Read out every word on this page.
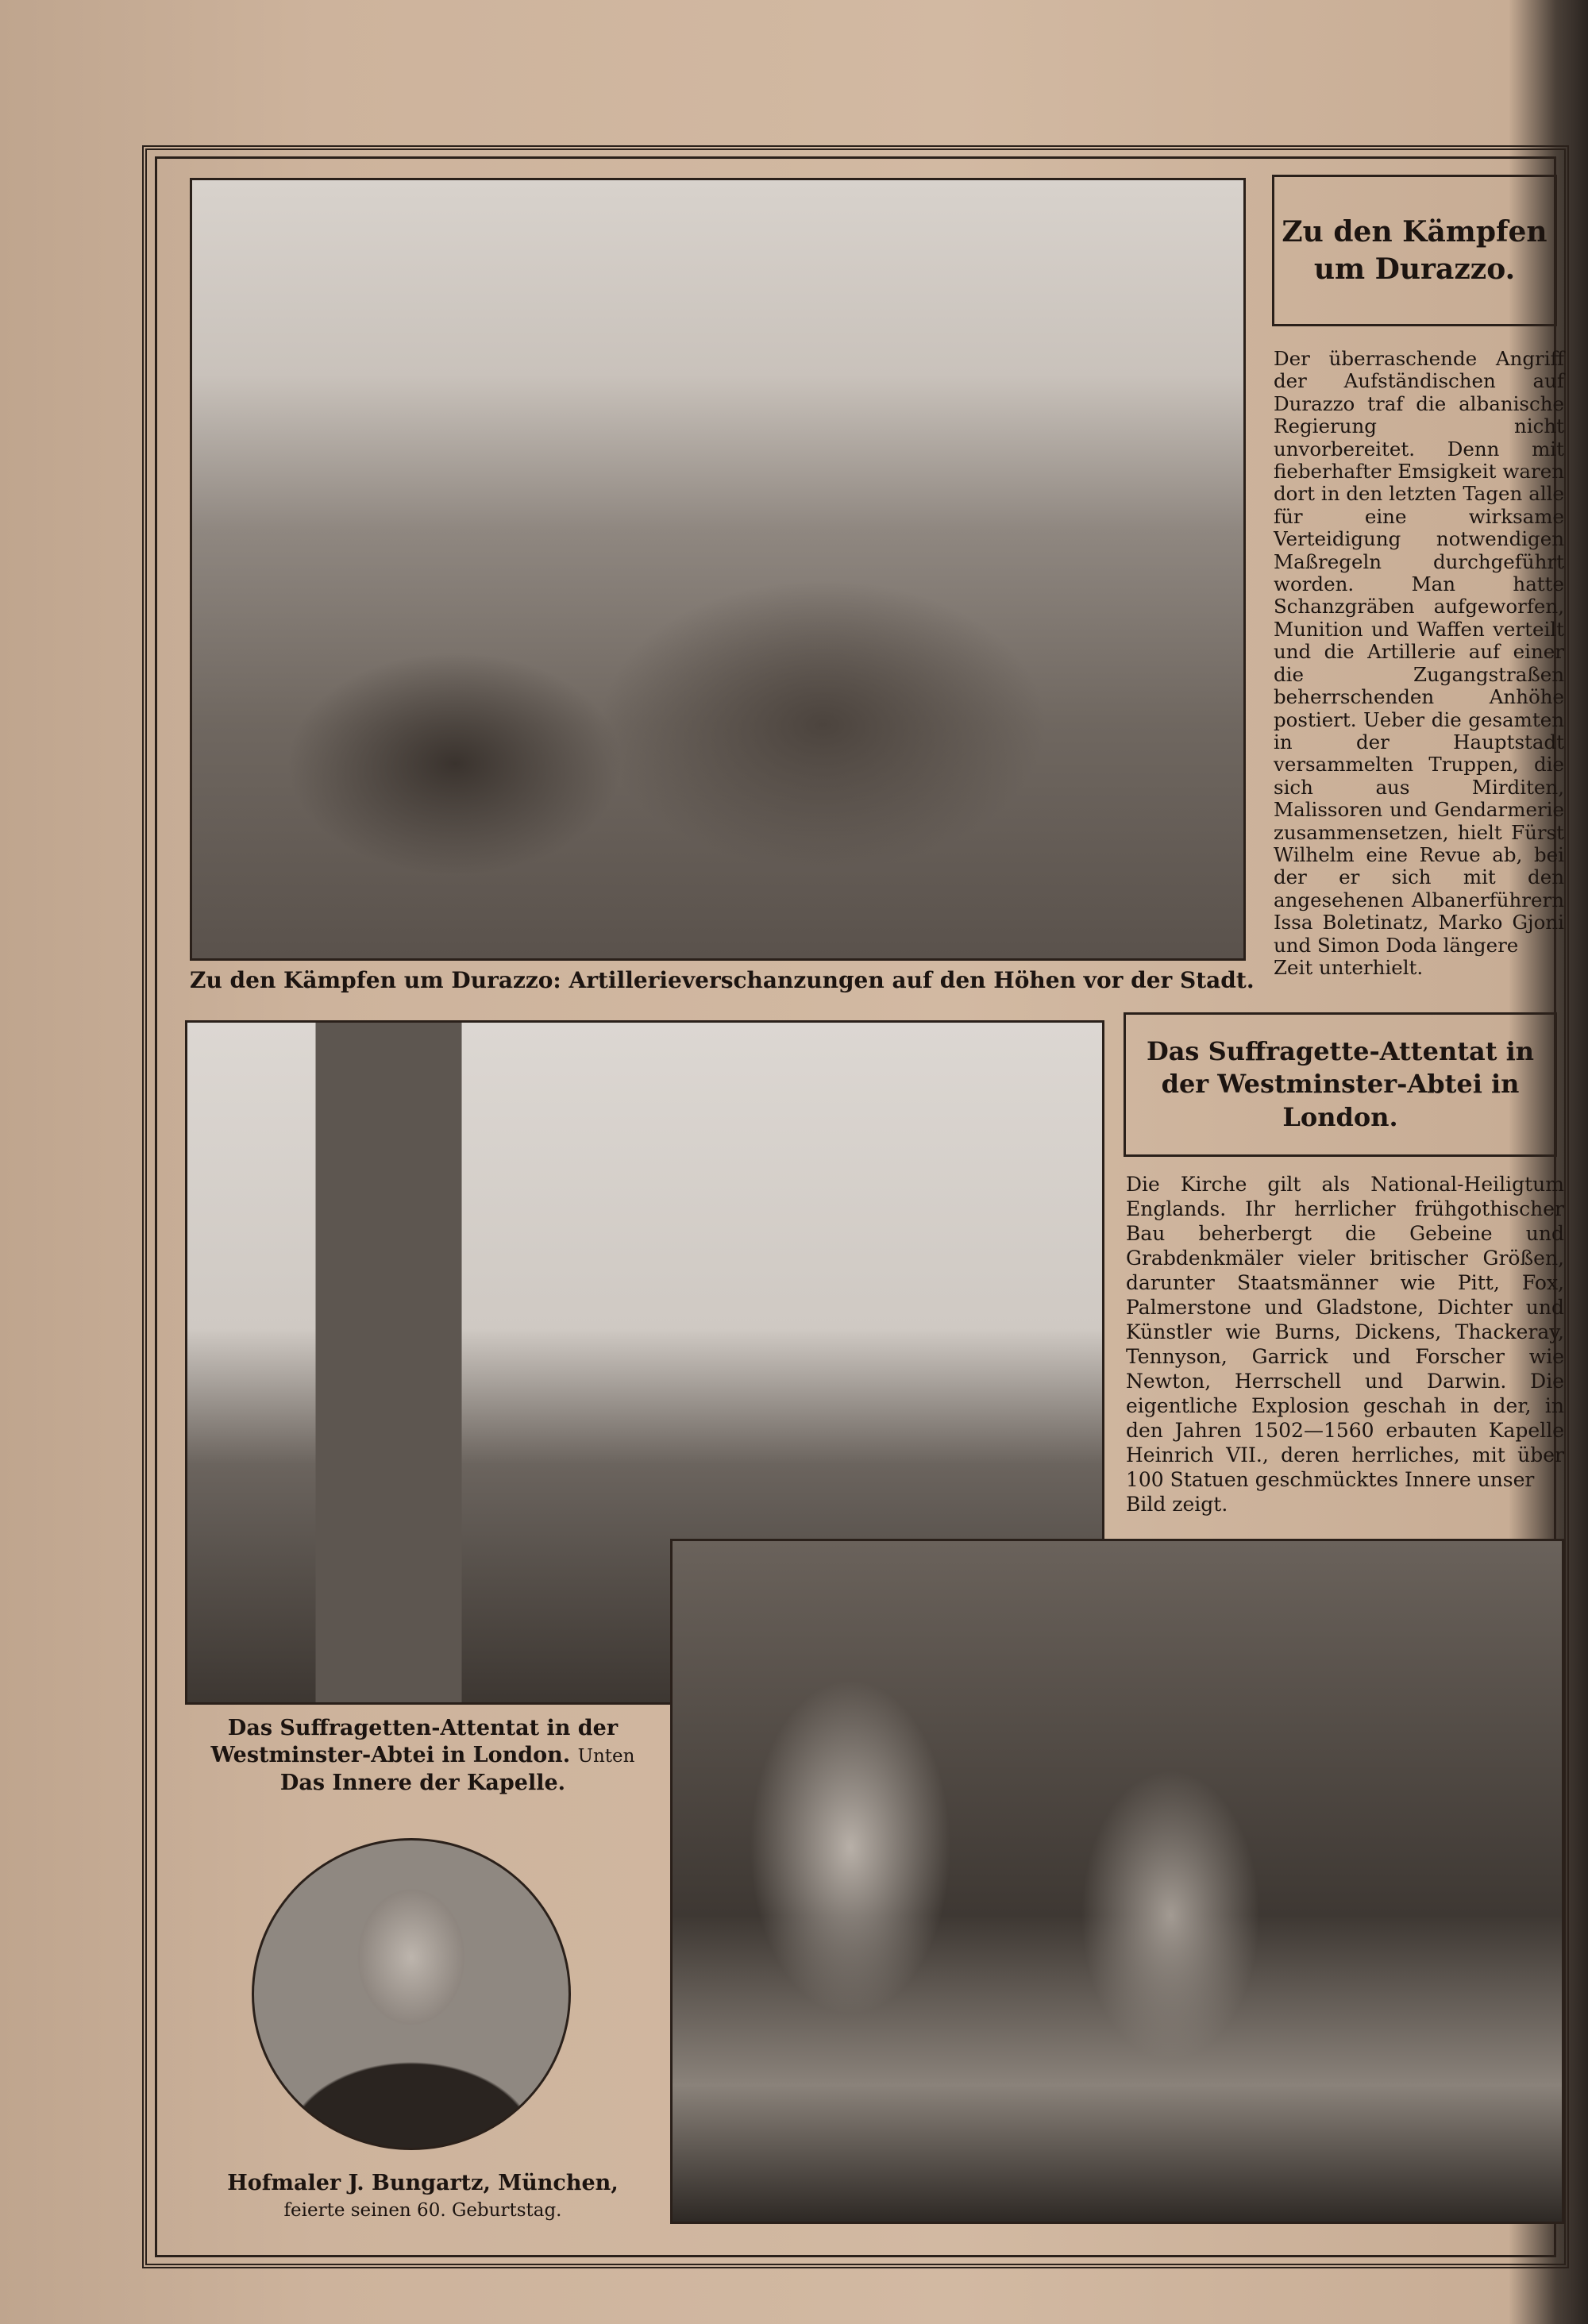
Zu den Kämpfen um Durazzo: Artillerieverschanzungen auf den Höhen vor der Stadt.
Zu den Kämpfen um Durazzo.
Der überraschende Angriff der Aufständischen auf Durazzo traf die albanische Regierung nicht unvorbereitet. Denn mit fieberhafter Emsigkeit waren dort in den letzten Tagen alle für eine wirksame Verteidigung notwendigen Maßregeln durchgeführt worden. Man hatte Schanzgräben aufgeworfen, Munition und Waffen verteilt und die Artillerie auf einer die Zugangstraßen beherrschenden Anhöhe postiert. Ueber die gesamten in der Hauptstadt versammelten Truppen, die sich aus Mirditen, Malissoren und Gendarmerie zusammensetzen, hielt Fürst Wilhelm eine Revue ab, bei der er sich mit den angesehenen Albanerführern Issa Boletinatz, Marko Gjoni und Simon Doda längere
Zeit unterhielt.
Das Suffragette-Attentat in der Westminster-Abtei in London.
Die Kirche gilt als National-Heiligtum Englands. Ihr herrlicher frühgothischer Bau beherbergt die Gebeine und Grabdenkmäler vieler britischer Größen, darunter Staatsmänner wie Pitt, Fox, Palmerstone und Gladstone, Dichter und Künstler wie Burns, Dickens, Thackeray, Tennyson, Garrick und Forscher wie Newton, Herrschell und Darwin. Die eigentliche Explosion geschah in der, in den Jahren 1502—1560 erbauten Kapelle Heinrich VII., deren herrliches, mit über 100 Statuen geschmücktes Innere unser
Bild zeigt.
Das Suffragetten-Attentat in der Westminster-Abtei in London. Unten Das Innere der Kapelle.
Hofmaler J. Bungartz, München,
feierte seinen 60. Geburtstag.
